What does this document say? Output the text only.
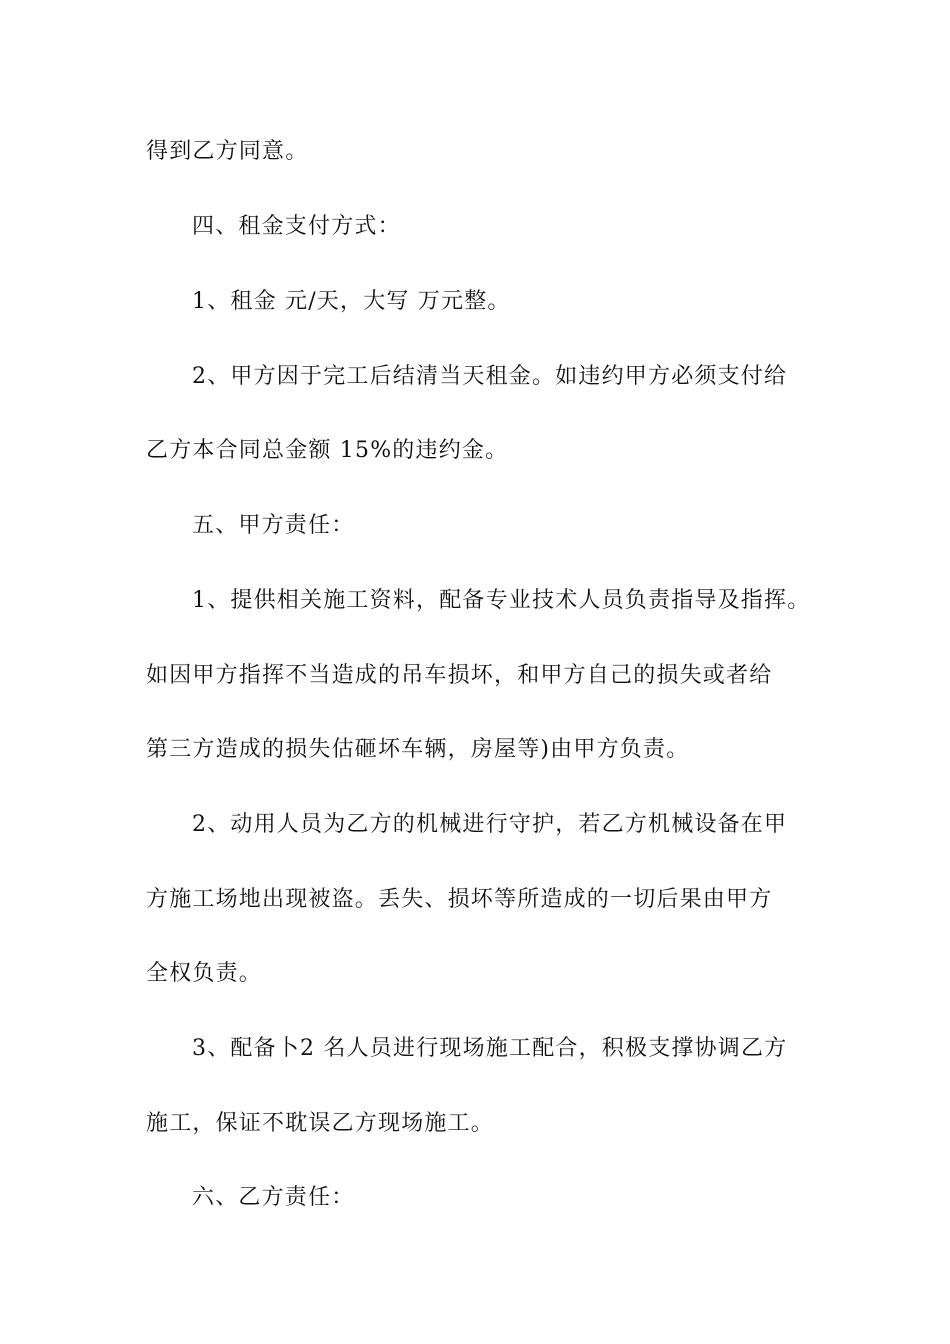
得到乙方同意。
四、租金支付方式：
1、租金 元/天，大写 万元整。
2、甲方因于完工后结清当天租金。如违约甲方必须支付给
乙方本合同总金额 15%的违约金。
五、甲方责任：
1、提供相关施工资料，配备专业技术人员负责指导及指挥。
如因甲方指挥不当造成的吊车损坏，和甲方自己的损失或者给
第三方造成的损失估砸坏车辆，房屋等)由甲方负责。
2、动用人员为乙方的机械进行守护，若乙方机械设备在甲
方施工场地出现被盗。丢失、损坏等所造成的一切后果由甲方
全权负责。
3、配备卜2 名人员进行现场施工配合，积极支撑协调乙方
施工，保证不耽误乙方现场施工。
六、乙方责任：
